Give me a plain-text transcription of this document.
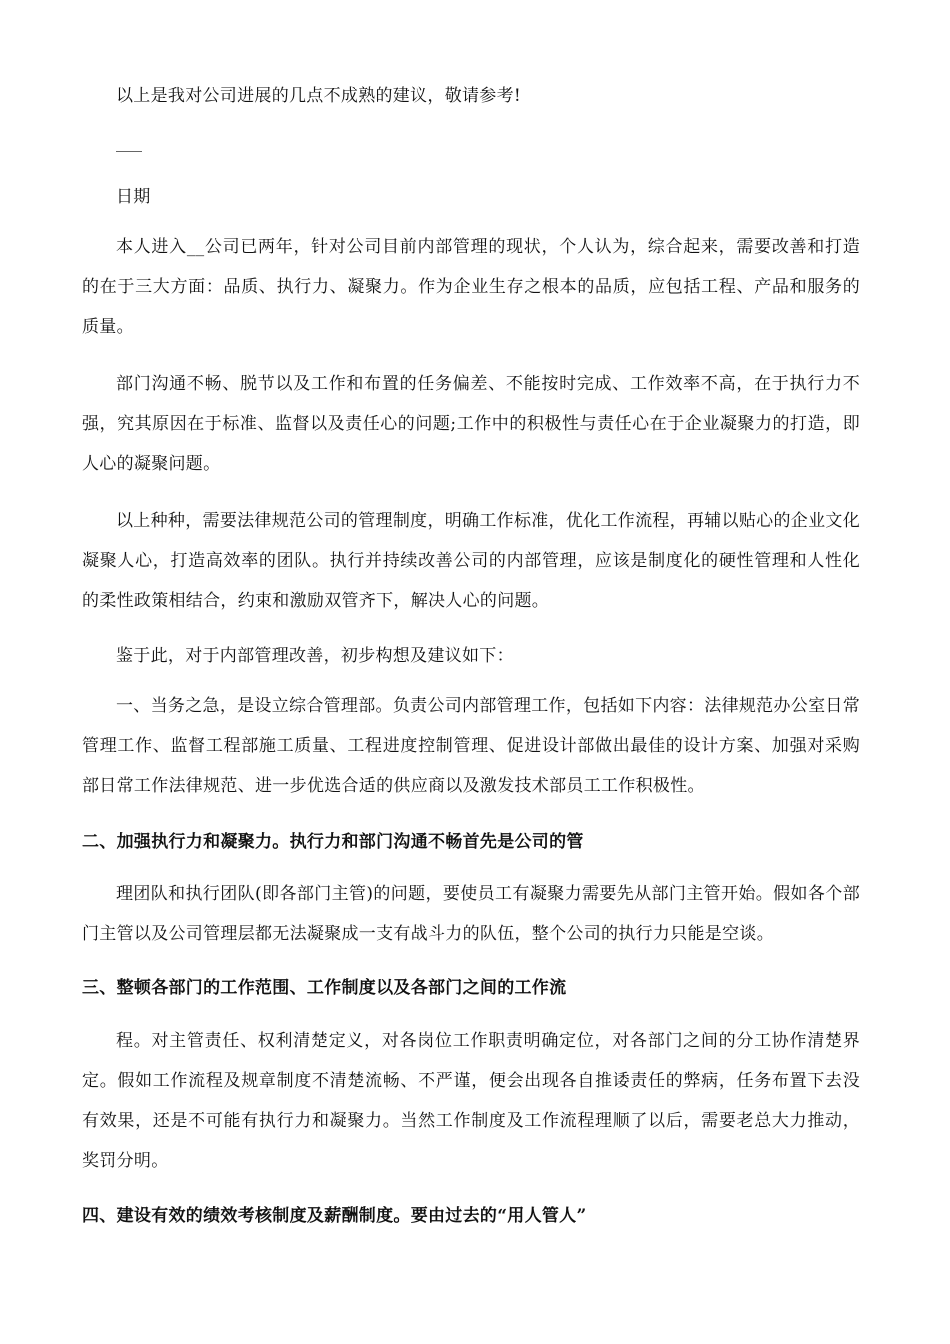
以上是我对公司进展的几点不成熟的建议，敬请参考!

日期

本人进入__公司已两年，针对公司目前内部管理的现状，个人认为，综合起来，需要改善和打造的在于三大方面：品质、执行力、凝聚力。作为企业生存之根本的品质，应包括工程、产品和服务的质量。

部门沟通不畅、脱节以及工作和布置的任务偏差、不能按时完成、工作效率不高，在于执行力不强，究其原因在于标准、监督以及责任心的问题;工作中的积极性与责任心在于企业凝聚力的打造，即人心的凝聚问题。

以上种种，需要法律规范公司的管理制度，明确工作标准，优化工作流程，再辅以贴心的企业文化凝聚人心，打造高效率的团队。执行并持续改善公司的内部管理，应该是制度化的硬性管理和人性化的柔性政策相结合，约束和激励双管齐下，解决人心的问题。

鉴于此，对于内部管理改善，初步构想及建议如下：

一、当务之急，是设立综合管理部。负责公司内部管理工作，包括如下内容：法律规范办公室日常管理工作、监督工程部施工质量、工程进度控制管理、促进设计部做出最佳的设计方案、加强对采购部日常工作法律规范、进一步优选合适的供应商以及激发技术部员工工作积极性。

二、加强执行力和凝聚力。执行力和部门沟通不畅首先是公司的管

理团队和执行团队(即各部门主管)的问题，要使员工有凝聚力需要先从部门主管开始。假如各个部门主管以及公司管理层都无法凝聚成一支有战斗力的队伍，整个公司的执行力只能是空谈。

三、整顿各部门的工作范围、工作制度以及各部门之间的工作流

程。对主管责任、权利清楚定义，对各岗位工作职责明确定位，对各部门之间的分工协作清楚界定。假如工作流程及规章制度不清楚流畅、不严谨，便会出现各自推诿责任的弊病，任务布置下去没有效果，还是不可能有执行力和凝聚力。当然工作制度及工作流程理顺了以后，需要老总大力推动，奖罚分明。

四、建设有效的绩效考核制度及薪酬制度。要由过去的“用人管人”
